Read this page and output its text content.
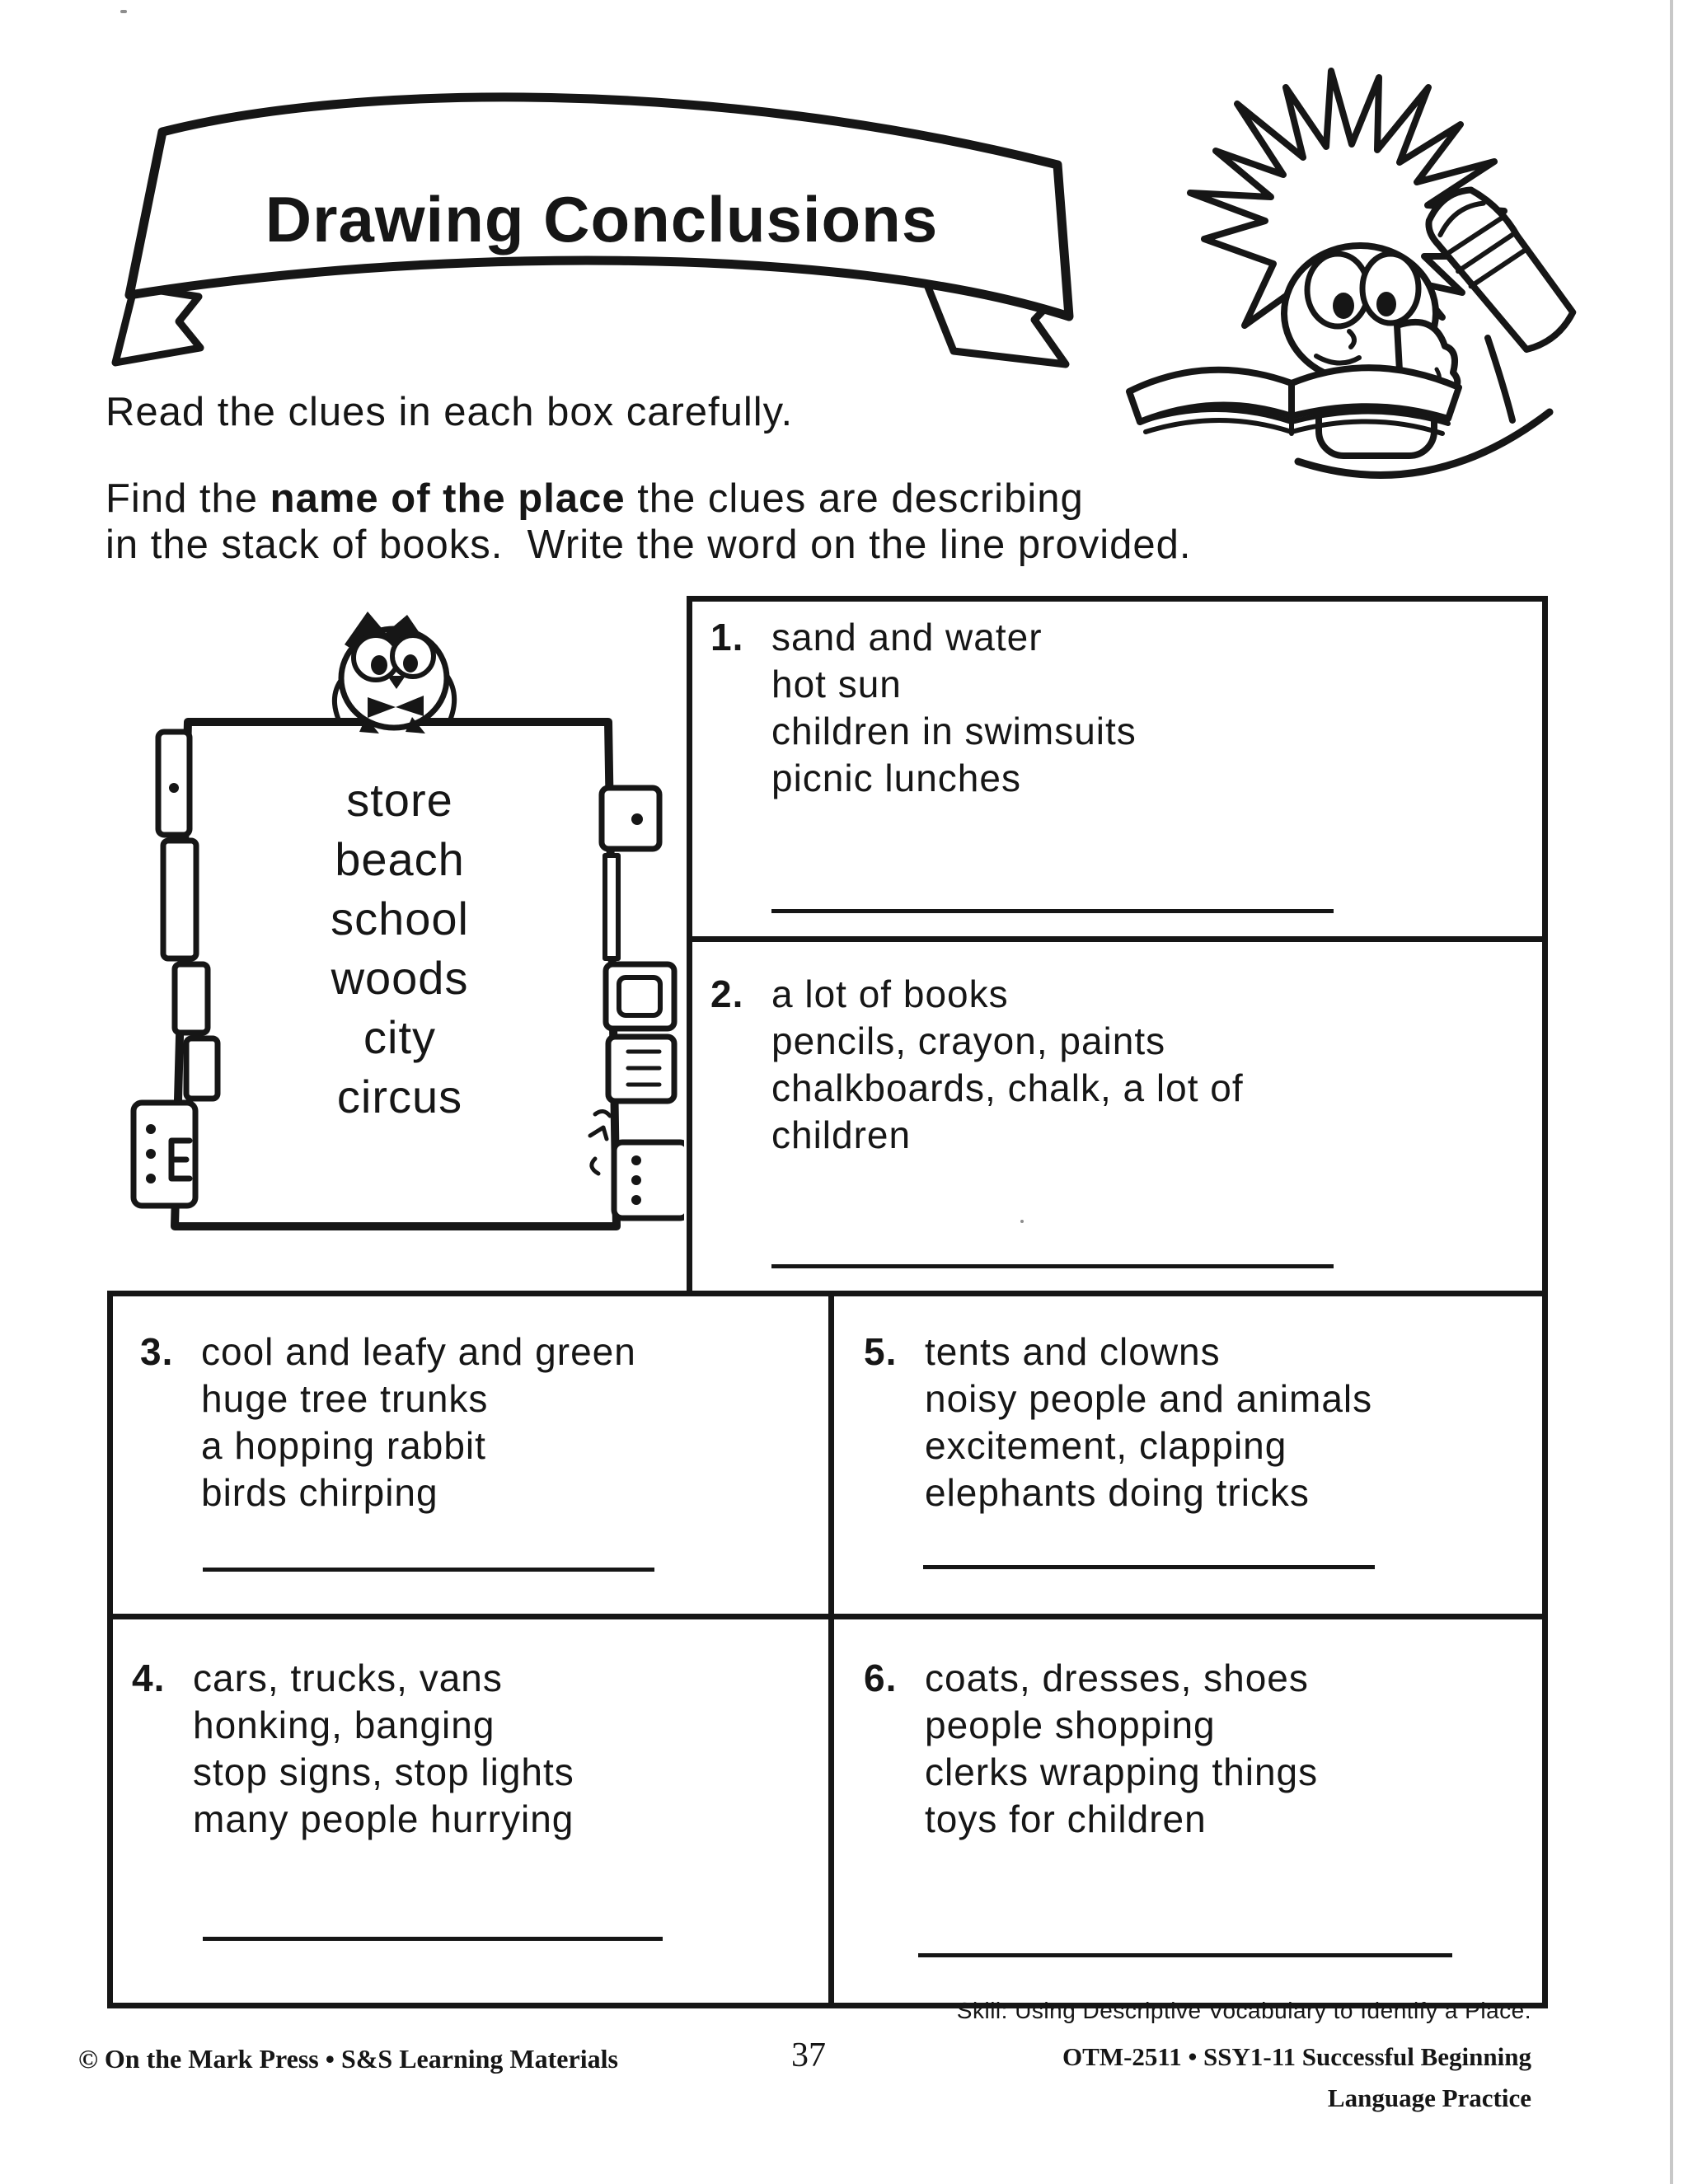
Drawing Conclusions
Read the clues in each box carefully.
Find the name of the place the clues are describing
in the stack of books.  Write the word on the line provided.
store
beach
school
woods
city
circus
1. sand and water
hot sun
children in swimsuits
picnic lunches
2. a lot of books
pencils, crayon, paints
chalkboards, chalk, a lot of
children
3. cool and leafy and green
huge tree trunks
a hopping rabbit
birds chirping
5. tents and clowns
noisy people and animals
excitement, clapping
elephants doing tricks
4. cars, trucks, vans
honking, banging
stop signs, stop lights
many people hurrying
6. coats, dresses, shoes
people shopping
clerks wrapping things
toys for children
Skill: Using Descriptive Vocabulary to Identify a Place.
© On the Mark Press • S&S Learning Materials	37	OTM-2511 • SSY1-11 Successful Beginning
Language Practice
